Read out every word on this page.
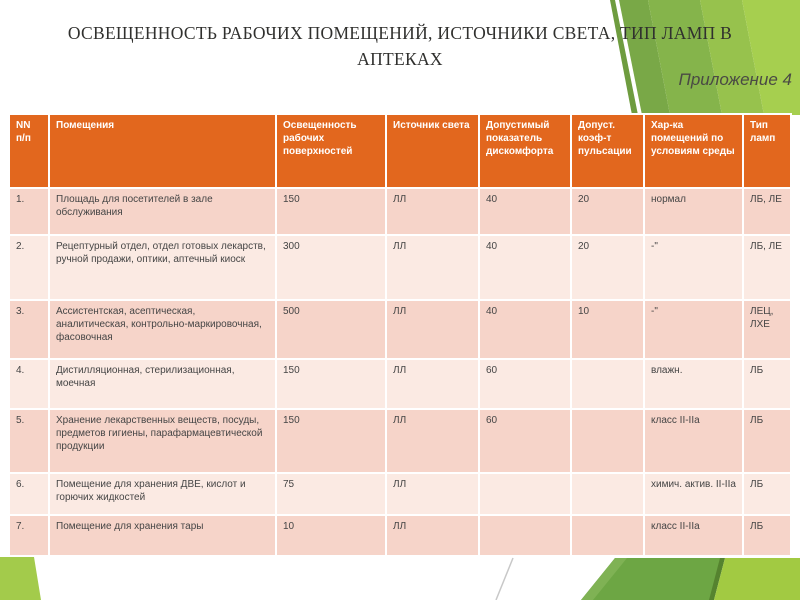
ОСВЕЩЕННОСТЬ РАБОЧИХ ПОМЕЩЕНИЙ, ИСТОЧНИКИ СВЕТА, ТИП ЛАМП В АПТЕКАХ
Приложение 4
NN п/п	Помещения	Освещенность рабочих поверхностей	Источник света	Допустимый показатель дискомфорта	Допуст. коэф-т пульсации	Хар-ка помещений по условиям среды	Тип ламп
1.	Площадь для посетителей в зале обслуживания	150	ЛЛ	40	20	нормал	ЛБ, ЛЕ
2.	Рецептурный отдел, отдел готовых лекарств, ручной продажи, оптики, аптечный киоск	300	ЛЛ	40	20	-"	ЛБ, ЛЕ
3.	Ассистентская, асептическая, аналитическая, контрольно-маркировочная, фасовочная	500	ЛЛ	40	10	-"	ЛЕЦ, ЛХЕ
4.	Дистилляционная, стерилизационная, моечная	150	ЛЛ	60		влажн.	ЛБ
5.	Хранение лекарственных веществ, посуды, предметов гигиены, парафармацевтической продукции	150	ЛЛ	60		класс II-IIa	ЛБ
6.	Помещение для хранения ДВЕ, кислот и горючих жидкостей	75	ЛЛ			химич. актив. II-IIa	ЛБ
7.	Помещение для хранения тары	10	ЛЛ			класс II-IIa	ЛБ
